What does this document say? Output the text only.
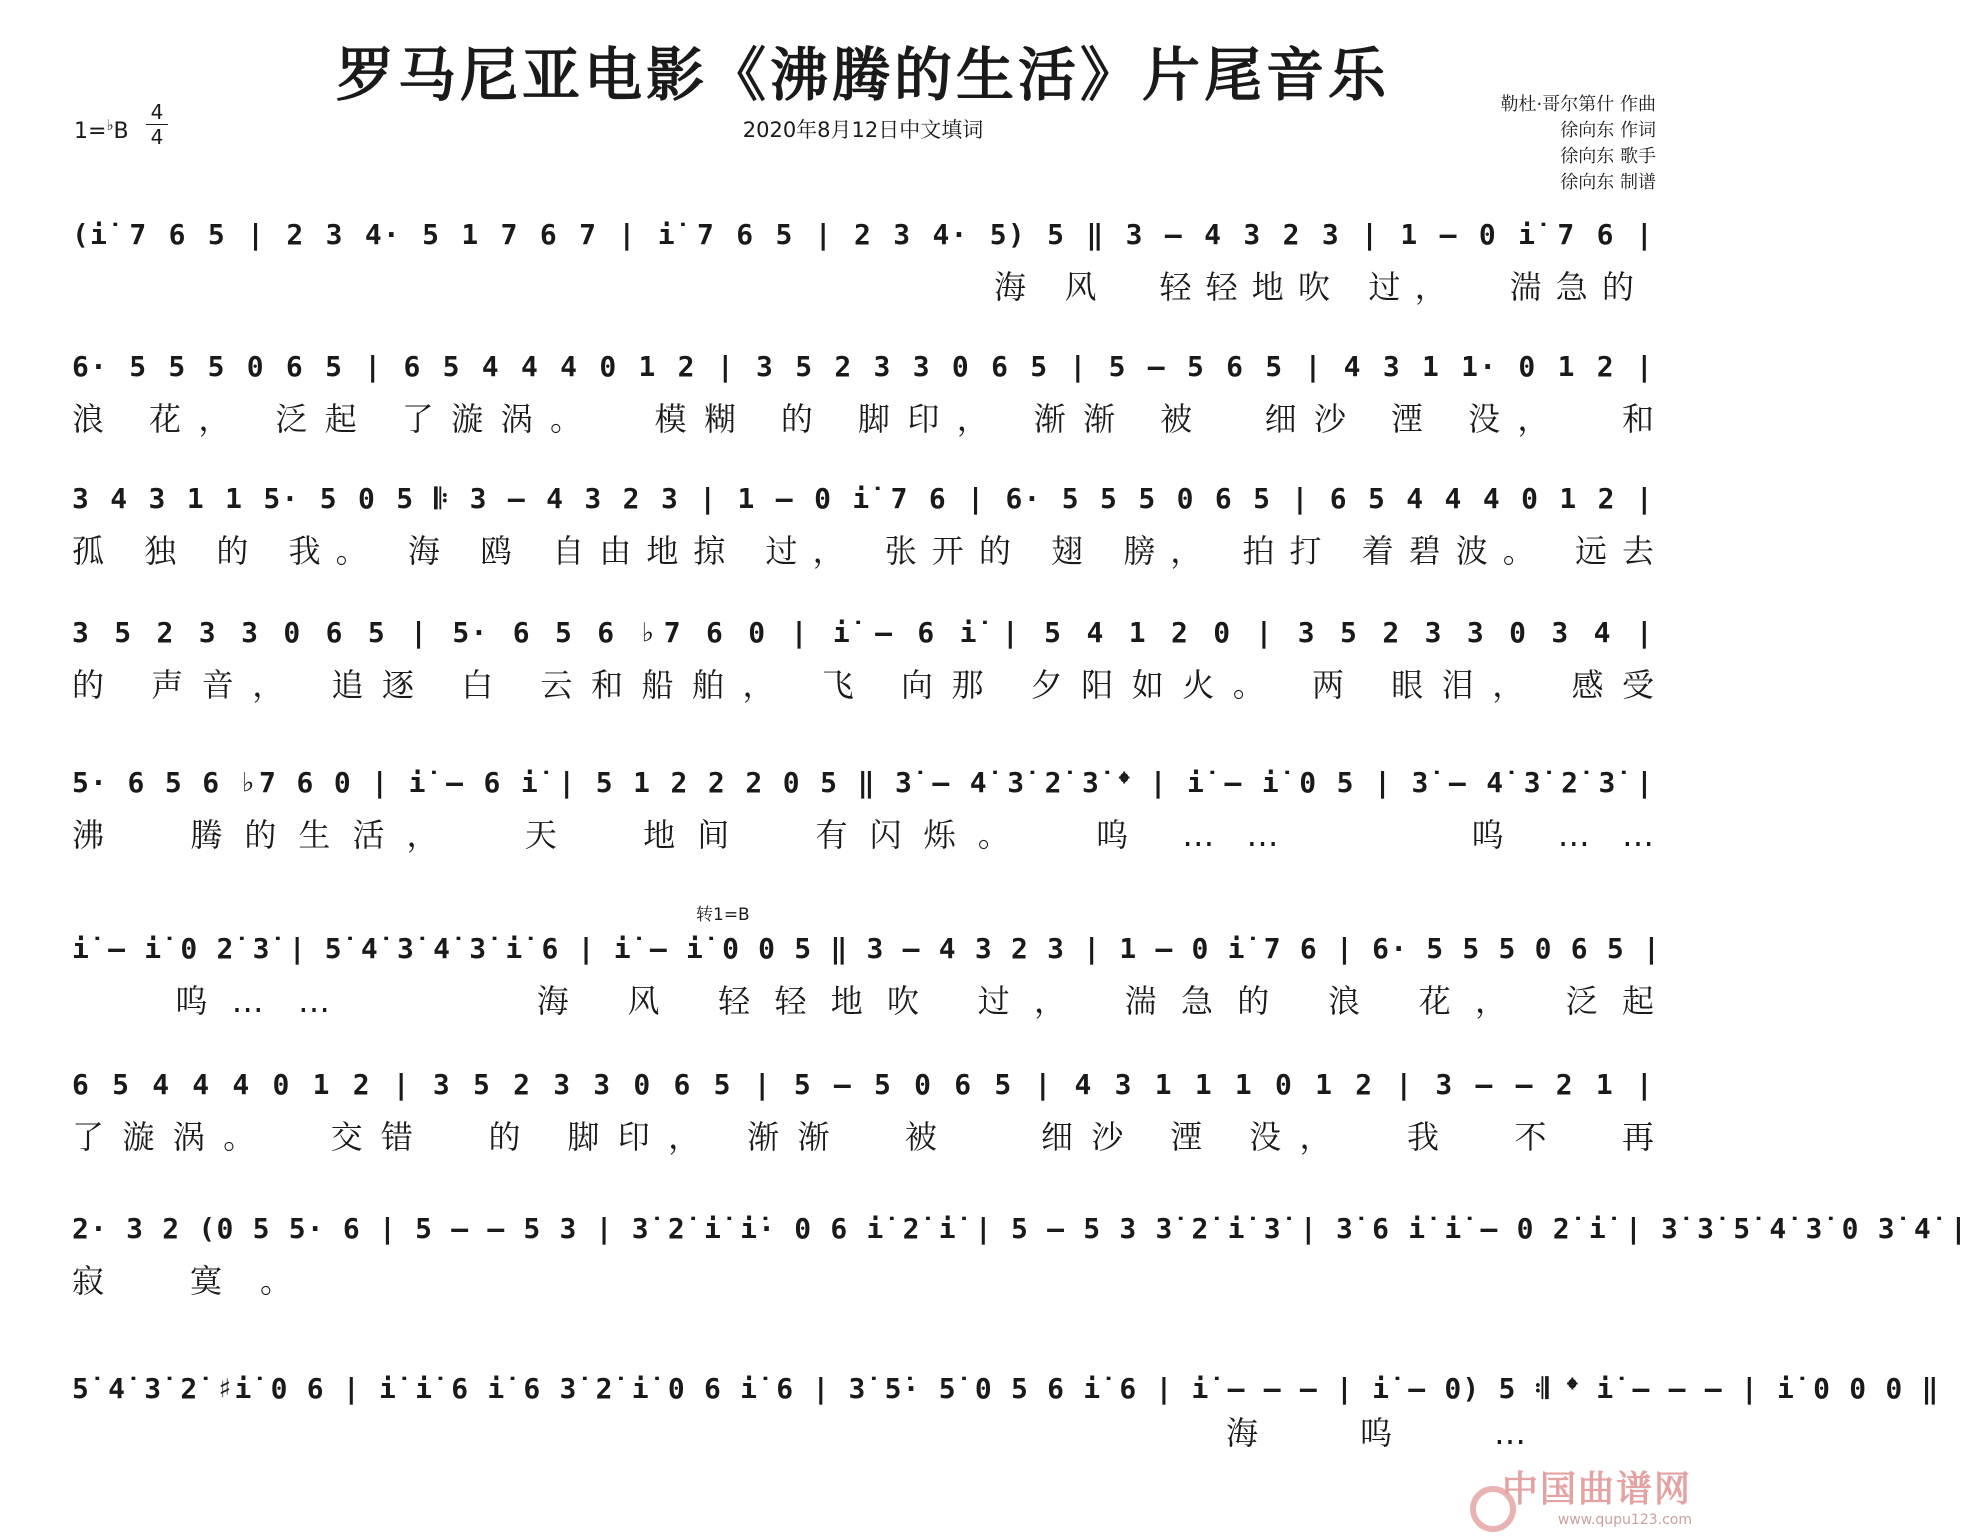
罗马尼亚电影《沸腾的生活》片尾音乐
2020年8月12日中文填词
$1=^♭B \frac{4}{4}$	勒杜·哥尔第什 作曲
徐向东 作词
徐向东 歌手
徐向东 制谱
(i̇ 7 6 5 | 2 3 4· 5 1 7 6 7 | i̇ 7 6 5 | 2 3 4· 5) 5 ‖ 3 – 4 3 2 3 | 1 – 0 i̇ 7 6 |
海 风  轻轻地吹 过，  湍急的
6· 5 5 5 0 6 5 | 6 5 4 4 4 0 1 2 | 3 5 2 3 3 0 6 5 | 5 – 5 6 5 | 4 3 1 1· 0 1 2 |
浪 花， 泛起 了漩涡。  模糊 的 脚印， 渐渐 被  细沙 湮 没，  和
3 4 3 1 1 5· 5 0 5 𝄆 3 – 4 3 2 3 | 1 – 0 i̇ 7 6 | 6· 5 5 5 0 6 5 | 6 5 4 4 4 0 1 2 |
孤 独 的 我。 海 鸥 自由地掠 过， 张开的 翅 膀， 拍打 着碧波。 远去
3 5 2 3 3 0 6 5 | 5· 6 5 6 ♭7 6 0 | i̇ – 6 i̇ | 5 4 1 2 0 | 3 5 2 3 3 0 3 4 |
的 声音， 追逐 白 云和船舶， 飞 向那 夕阳如火。 两 眼泪， 感受
5· 6 5 6 ♭7 6 0 | i̇ – 6 i̇ | 5 1 2 2 2 0 5 ‖ 3̇ – 4̇ 3̇ 2̇ 3̇ 𝄌 | i̇ – i̇ 0 5 | 3̇ – 4̇ 3̇ 2̇ 3̇ |
沸  腾的生活，  天  地间  有闪烁。  呜 … …      呜 … …
转1=B
i̇ – i̇ 0 2̇ 3̇ | 5̇ 4̇ 3̇ 4̇ 3̇ i̇ 6 | i̇ – i̇ 0 0 5 ‖ 3 – 4 3 2 3 | 1 – 0 i̇ 7 6 | 6· 5 5 5 0 6 5 |
呜… …      海 风 轻轻地吹 过， 湍急的 浪 花， 泛起
6 5 4 4 4 0 1 2 | 3 5 2 3 3 0 6 5 | 5 – 5 0 6 5 | 4 3 1 1 1 0 1 2 | 3 – – 2 1 |
了漩涡。  交错  的 脚印， 渐渐  被   细沙 湮 没，  我  不  再
2· 3 2 (0 5 5· 6 | 5 – – 5 3 | 3̇ 2̇ i̇ i̇· 0 6 i̇ 2̇ i̇ | 5 – 5 3 3̇ 2̇ i̇ 3̇ | 3̇ 6 i̇ i̇ – 0 2̇ i̇ | 3̇ 3̇ 5̇ 4̇ 3̇ 0 3̇ 4̇ |
寂 寞。
5̇ 4̇ 3̇ 2̇ ♯i̇ 0 6 | i̇ i̇ 6 i̇ 6 3̇ 2̇ i̇ 0 6 i̇ 6 | 3̇ 5̇· 5̇ 0 5 6 i̇ 6 | i̇ – – – | i̇ – 0) 5 𝄇 𝄌 i̇ – – – | i̇ 0 0 0 ‖
海  呜  …
中国曲谱网
www.qupu123.com
